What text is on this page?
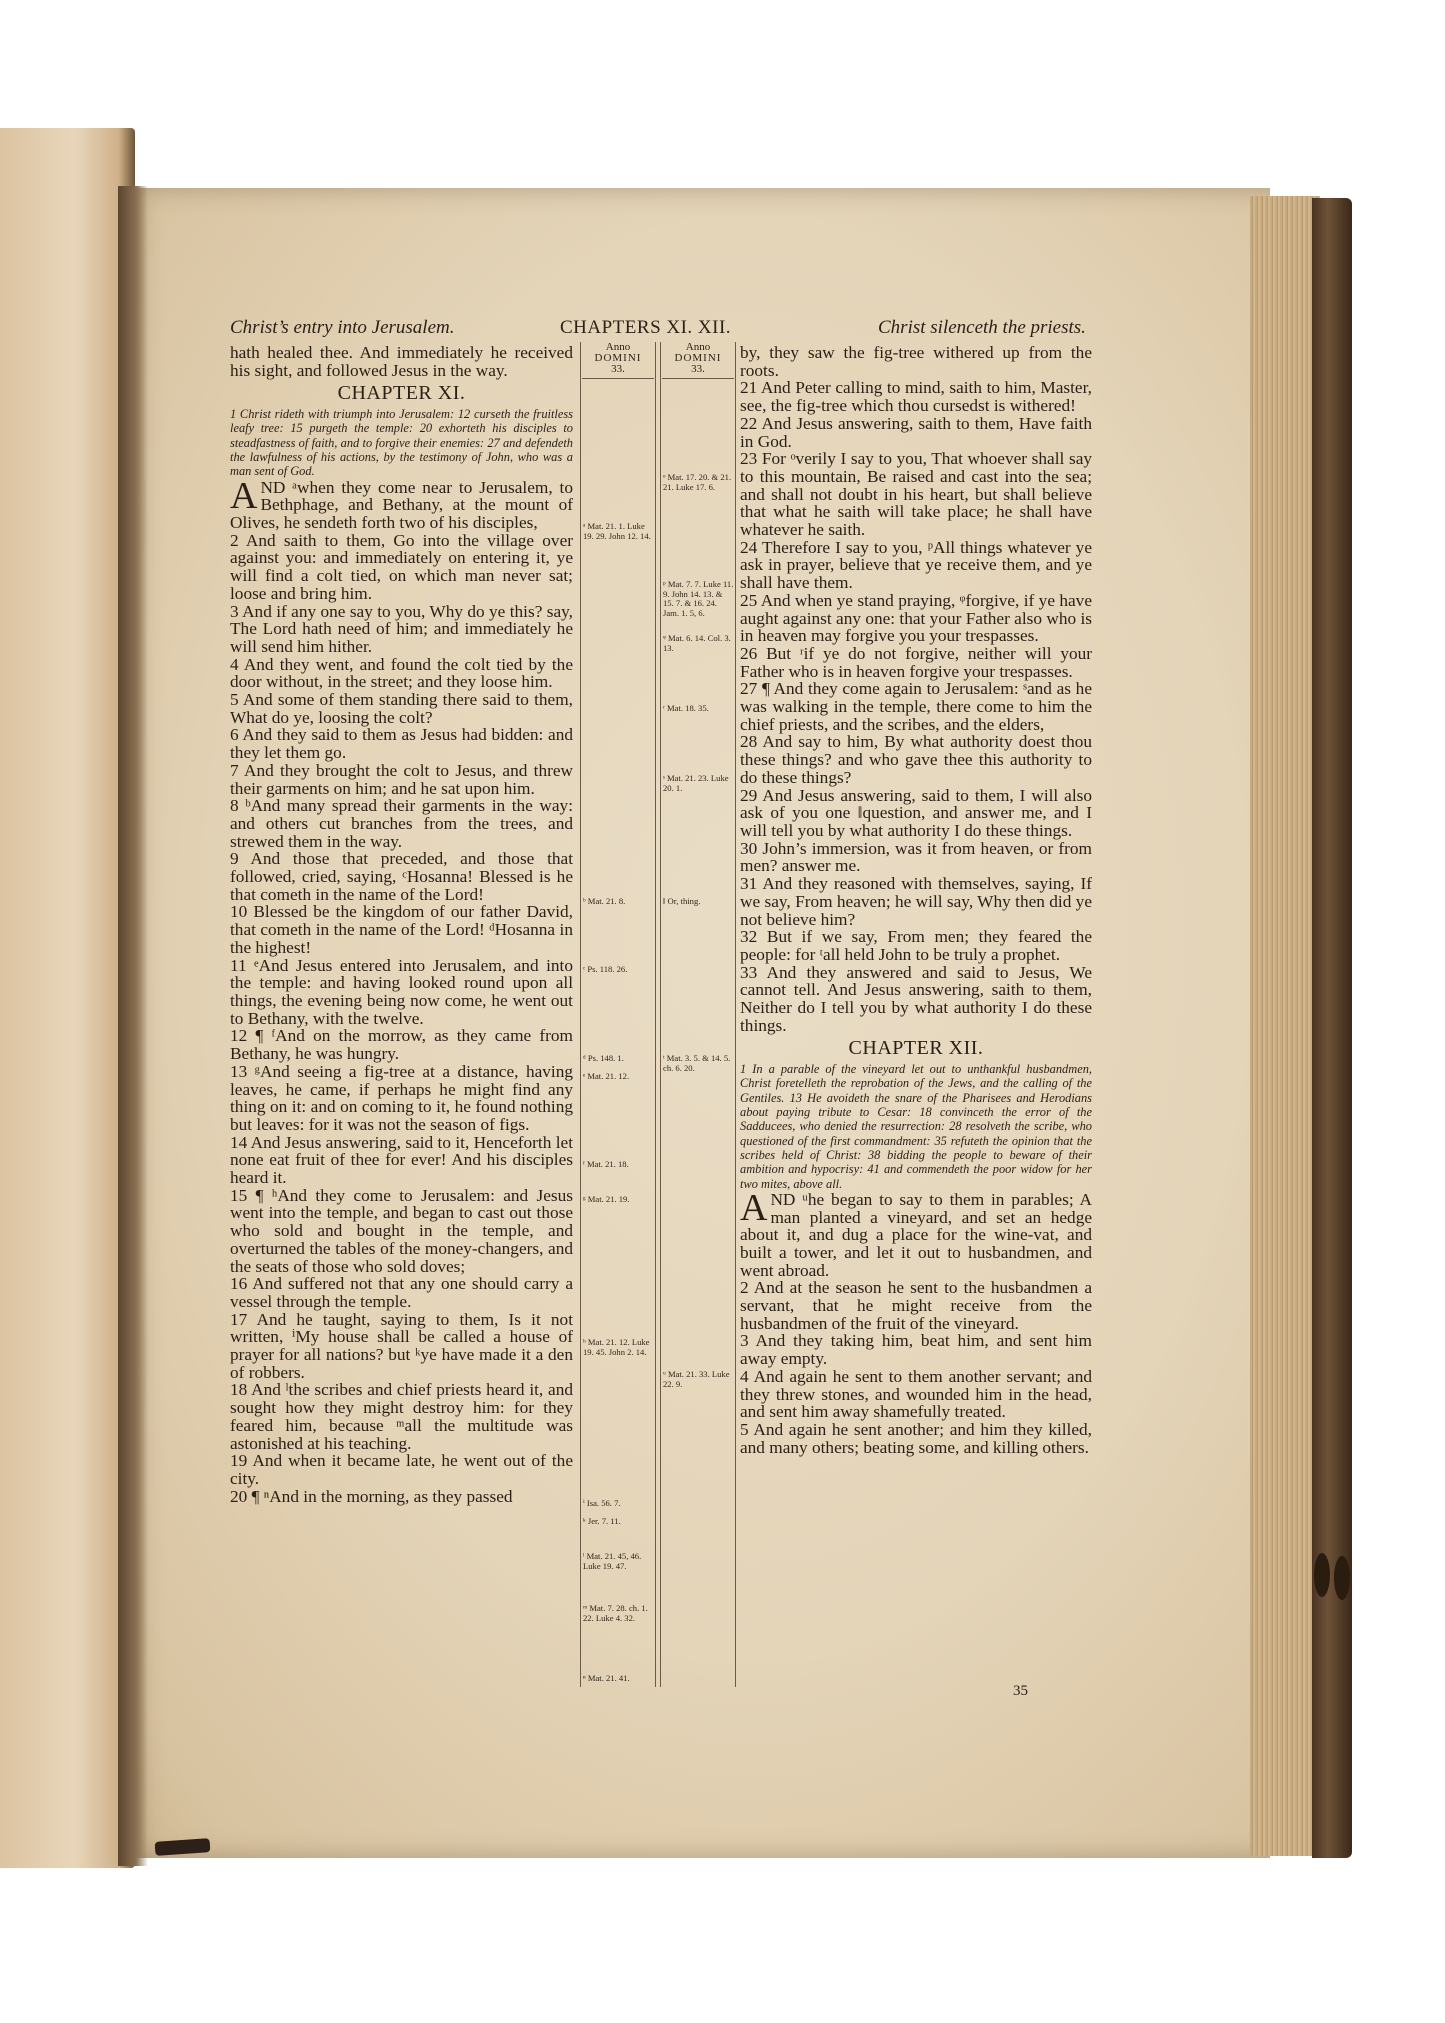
Christ’s entry into Jerusalem.	CHAPTERS XI. XII.	Christ silenceth the priests.
Anno
DOMINI
33.
Anno
DOMINI
33.
ᵃ Mat. 21. 1. Luke 19. 29. John 12. 14.
ᵇ Mat. 21. 8.
ᶜ Ps. 118. 26.
ᵈ Ps. 148. 1.
ᵉ Mat. 21. 12.
ᶠ Mat. 21. 18.
ᵍ Mat. 21. 19.
ʰ Mat. 21. 12. Luke 19. 45. John 2. 14.
ⁱ Isa. 56. 7.
ᵏ Jer. 7. 11.
ˡ Mat. 21. 45, 46. Luke 19. 47.
ᵐ Mat. 7. 28. ch. 1. 22. Luke 4. 32.
ⁿ Mat. 21. 41.
ᵒ Mat. 17. 20. & 21. 21. Luke 17. 6.
ᵖ Mat. 7. 7. Luke 11. 9. John 14. 13. & 15. 7. & 16. 24. Jam. 1. 5, 6.
ᵠ Mat. 6. 14. Col. 3. 13.
ʳ Mat. 18. 35.
ˢ Mat. 21. 23. Luke 20. 1.
‖ Or, thing.
ᵗ Mat. 3. 5. & 14. 5. ch. 6. 20.
ᵘ Mat. 21. 33. Luke 22. 9.

hath healed thee. And immediately he received his sight, and followed Jesus in the way.

CHAPTER XI.

1 Christ rideth with triumph into Jerusalem: 12 curseth the fruitless leafy tree: 15 purgeth the temple: 20 exhorteth his disciples to steadfastness of faith, and to forgive their enemies: 27 and defendeth the lawfulness of his actions, by the testimony of John, who was a man sent of God.

AND ᵃwhen they come near to Jerusalem, to Bethphage, and Bethany, at the mount of Olives, he sendeth forth two of his disciples,

2 And saith to them, Go into the village over against you: and immediately on entering it, ye will find a colt tied, on which man never sat; loose and bring him.

3 And if any one say to you, Why do ye this? say, The Lord hath need of him; and immediately he will send him hither.

4 And they went, and found the colt tied by the door without, in the street; and they loose him.

5 And some of them standing there said to them, What do ye, loosing the colt?

6 And they said to them as Jesus had bidden: and they let them go.

7 And they brought the colt to Jesus, and threw their garments on him; and he sat upon him.

8 ᵇAnd many spread their garments in the way: and others cut branches from the trees, and strewed them in the way.

9 And those that preceded, and those that followed, cried, saying, ᶜHosanna! Blessed is he that cometh in the name of the Lord!

10 Blessed be the kingdom of our father David, that cometh in the name of the Lord! ᵈHosanna in the highest!

11 ᵉAnd Jesus entered into Jerusalem, and into the temple: and having looked round upon all things, the evening being now come, he went out to Bethany, with the twelve.

12 ¶ ᶠAnd on the morrow, as they came from Bethany, he was hungry.

13 ᵍAnd seeing a fig-tree at a distance, having leaves, he came, if perhaps he might find any thing on it: and on coming to it, he found nothing but leaves: for it was not the season of figs.

14 And Jesus answering, said to it, Henceforth let none eat fruit of thee for ever! And his disciples heard it.

15 ¶ ʰAnd they come to Jerusalem: and Jesus went into the temple, and began to cast out those who sold and bought in the temple, and overturned the tables of the money-changers, and the seats of those who sold doves;

16 And suffered not that any one should carry a vessel through the temple.

17 And he taught, saying to them, Is it not written, ⁱMy house shall be called a house of prayer for all nations? but ᵏye have made it a den of robbers.

18 And ˡthe scribes and chief priests heard it, and sought how they might destroy him: for they feared him, because ᵐall the multitude was astonished at his teaching.

19 And when it became late, he went out of the city.

20 ¶ ⁿAnd in the morning, as they passed

by, they saw the fig-tree withered up from the roots.

21 And Peter calling to mind, saith to him, Master, see, the fig-tree which thou cursedst is withered!

22 And Jesus answering, saith to them, Have faith in God.

23 For ᵒverily I say to you, That whoever shall say to this mountain, Be raised and cast into the sea; and shall not doubt in his heart, but shall believe that what he saith will take place; he shall have whatever he saith.

24 Therefore I say to you, ᵖAll things whatever ye ask in prayer, believe that ye receive them, and ye shall have them.

25 And when ye stand praying, ᵠforgive, if ye have aught against any one: that your Father also who is in heaven may forgive you your trespasses.

26 But ʳif ye do not forgive, neither will your Father who is in heaven forgive your trespasses.

27 ¶ And they come again to Jerusalem: ˢand as he was walking in the temple, there come to him the chief priests, and the scribes, and the elders,

28 And say to him, By what authority doest thou these things? and who gave thee this authority to do these things?

29 And Jesus answering, said to them, I will also ask of you one ‖question, and answer me, and I will tell you by what authority I do these things.

30 John’s immersion, was it from heaven, or from men? answer me.

31 And they reasoned with themselves, saying, If we say, From heaven; he will say, Why then did ye not believe him?

32 But if we say, From men; they feared the people: for ᵗall held John to be truly a prophet.

33 And they answered and said to Jesus, We cannot tell. And Jesus answering, saith to them, Neither do I tell you by what authority I do these things.

CHAPTER XII.

1 In a parable of the vineyard let out to unthankful husbandmen, Christ foretelleth the reprobation of the Jews, and the calling of the Gentiles. 13 He avoideth the snare of the Pharisees and Herodians about paying tribute to Cesar: 18 convinceth the error of the Sadducees, who denied the resurrection: 28 resolveth the scribe, who questioned of the first commandment: 35 refuteth the opinion that the scribes held of Christ: 38 bidding the people to beware of their ambition and hypocrisy: 41 and commendeth the poor widow for her two mites, above all.

AND ᵘhe began to say to them in parables; A man planted a vineyard, and set an hedge about it, and dug a place for the wine-vat, and built a tower, and let it out to husbandmen, and went abroad.

2 And at the season he sent to the husbandmen a servant, that he might receive from the husbandmen of the fruit of the vineyard.

3 And they taking him, beat him, and sent him away empty.

4 And again he sent to them another servant; and they threw stones, and wounded him in the head, and sent him away shamefully treated.

5 And again he sent another; and him they killed, and many others; beating some, and killing others.

35
